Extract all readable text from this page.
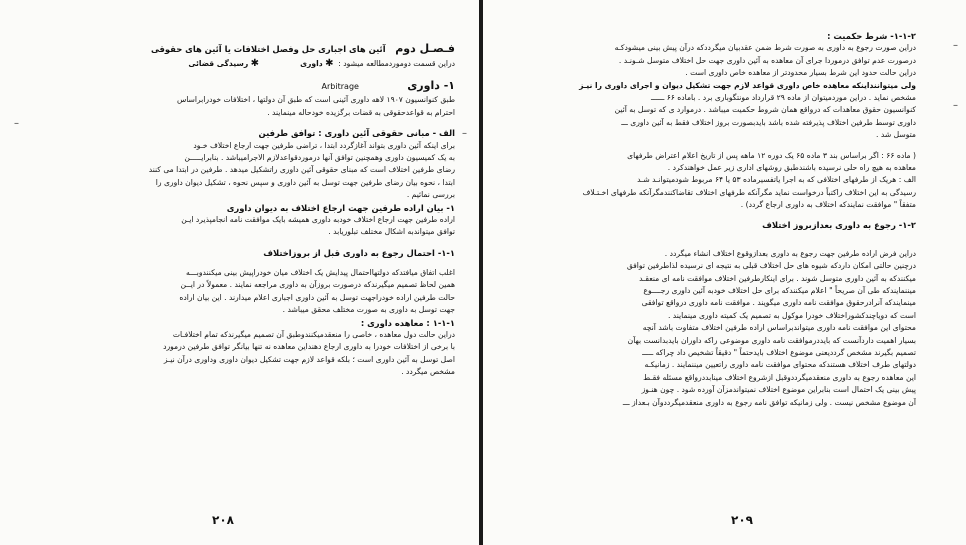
فـصـل دوم    آئین های اجباری حل وفصل اختلافات یا آئین های حقوقی
دراین قسمت دوموردمطالعه میشود :  ✱ داوری                 ✱ رسیدگی قضائی
۱- داوری                    Arbitrage
طبق کنوانسیون ۱۹۰۷ لاهه داوری آئینی است که طبق آن دولتها ، اختلافات خودرابراساس
احترام به قواعدحقوقی به قضات برگزیده خودحاله مینمایند .
الف - مبانی حقوقی آئین داوری : توافق طرفین
برای اینکه آئین داوری بتواند آغازگردد ابتدا ، تراضی طرفین جهت ارجاع اختلاف خـود
به یک کمیسیون داوری وهمچنین توافق آنها درموردقواعدلازم الاجرامیباشد . بنابرایـــــن
رضای طرفین اختلاف است که مبنای حقوقی آئین داوری راتشکیل میدهد . طرفین در ابتدا می کنند
ابتدا ، نحوه بیان رضای طرفین جهت توسل به آئین داوری و سپس نحوه ، تشکیل دیوان داوری را
بررسی نمائیم .
۱- بیان اراده طرفین جهت ارجاع اختلاف به دیوان داوری
اراده طرفین جهت ارجاع اختلاف خودبه داوری همیشه بایک موافقت نامه انجامپذیرد ایـن
توافق میتواندبه اشکال مختلف تبلوریابد .
۱-۱- احتمال رجوع به داوری قبل از بروزاختلاف
اغلب اتفاق میافتدکه دولتهااحتمال پیدایش یک اختلاف میان خودراپیش بینی میکنندوبـــه
همین لحاظ تصمیم میگیرندکه درصورت بروزآن به داوری مراجعه نمایند . معمولاً در ایــن
حالت طرفین اراده خودراجهت توسل به آئین داوری اجباری اعلام میدارند . این بیان اراده
جهت توسل به داوری به صورت مختلف محقق میباشد .
۱-۱-۱ : معاهده داوری :
دراین حالت دول معاهده ، خاصی را منعقدمیکنندوطبق آن تصمیم میگیرندکه تمام اختلافـات
با برخی از اختلافات خودرا به داوری ارجاع دهنداین معاهده نه تنها بیانگر توافق طرفین درمورد
اصل توسل به آئین داوری است ؛ بلکه قواعد لازم جهت تشکیل دیوان داوری وداوری درآن نیـز
مشخص میگردد .
–
–
۲۰۸
۱-۱-۲- شرط حکمیت :
دراین صورت رجوع به داوری به صورت شرط ضمن عقدبیان میگرددکه درآن پیش بینی میشودکـه
درصورت عدم توافق درموردا جرای آن معاهده به آئین داوری جهت حل اختلاف متوسل شـونـد .
دراین حالت حدود این شرط بسیار محدودتر از معاهده خاص داوری است .
ولی میتواننداینکه معاهده خاص داوری قواعد لازم جهت تشکیل دیوان و اجرای داوری را نیـز
مشخص نماید . دراین موردمیتوان از ماده ۲۹ قرارداد مونتگوباری برد . باماده ۶۶ ــــــ
کنوانسیون حقوق معاهدات که درواقع همان شروط حکمیت میباشد . درموارد ی که توسل به آئین
داوری توسط طرفین اختلاف پذیرفته شده باشد بایدبصورت بروز اختلاف فقط به آئین داوری ـــ
متوسل شد .
( ماده ۶۶ : اگر براساس بند ۳ ماده ۶۵ یک دوره ۱۲ ماهه پس از تاریخ اعلام اعتراض طرفهای
معاهده به هیچ راه حلی نرسیده باشندطبق روشهای اداری زیر عمل خواهندکرد .
الف : هریک از طرفهای اختلافی که به اجرا یاتفسیرماده ۵۳ یا ۶۴ مربوط شودمیتوانـد شـد
رسیدگی به این اختلاف راکتباً درخواست نماید مگرآنکه طرفهای اختلاف تقاضاکنندمگرآنکه طرفهای اخـتـلاف
متفقاً " موافقت نمایندکه اختلاف به داوری ارجاع گردد) .
۱-۲- رجوع به داوری بعدازبروز اختلاف
دراین فرض اراده طرفین جهت رجوع به داوری بعدازوقوع اختلاف انشاء میگردد .
درچنین حالتی امکان داردکه شیوه های حل اختلاف قبلی به نتیجه ای نرسیده لذاطرفین توافق
میکنندکه به آئین داوری متوسل شوند . برای اینکارطرفین اختلاف موافقت نامه ای منعقـد
میننمایندکه طی آن صریحاً " اعلام میکنندکه برای حل اختلاف خودبه آئین داوری رجــــوع
مینمایندکه آنرادرحقوق موافقت نامه داوری میگویند . موافقت نامه داوری درواقع توافقی
است که دویاچندکشوراختلاف خودرا موکول به تصمیم یک کمیته داوری مینمایند .
محتوای این موافقت نامه داوری میتواندبراساس اراده طرفین اختلاف متفاوت باشد آنچه
بسیار اهمیت داردآنست که بایددرموافقت نامه داوری موضوعی راکه داوران بایدبدانست بهآن
تصمیم بگیرند مشخص گرددیعنی موضوع اختلاف بایدحتماً " دقیقاً تشخیص داد چراکه ـــــ
دولتهای طرف اختلاف هستندکه محتوای موافقت نامه داوری راتعیین میننمایند . زمانیکـه
این معاهده رجوع به داوری منعقدمیگرددوقبل ازشروع اختلاف مینابددرواقع مسئله فقـط
پیش بینی یک احتمال است بنابراین موضوع اختلاف نمیتواندمزآن آورده شود . چون هنـوز
آن موضوع مشخص نیست . ولی زمانیکه توافق نامه رجوع به داوری منعقدمیگرددوآن بـعداز ـــ
–
–
۲۰۹
